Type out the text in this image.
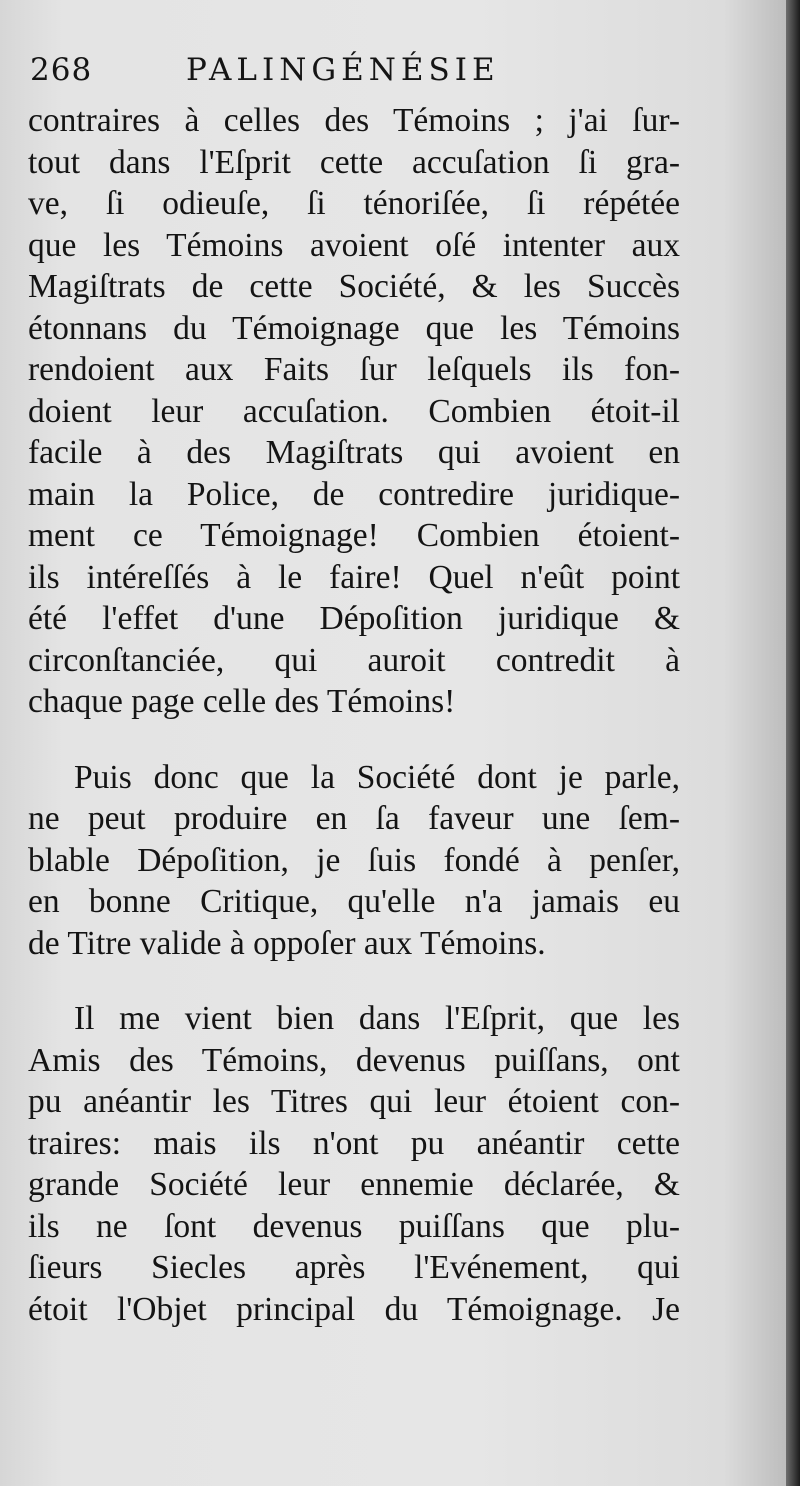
268	PALINGÉNÉSIE

contraires à celles des Témoins ; j'ai ſur-
tout dans l'Eſprit cette accuſation ſi gra-
ve, ſi odieuſe, ſi ténoriſée, ſi répétée
que les Témoins avoient oſé intenter aux
Magiſtrats de cette Société, & les Succès
étonnans du Témoignage que les Témoins
rendoient aux Faits ſur leſquels ils fon-
doient leur accuſation. Combien étoit-il
facile à des Magiſtrats qui avoient en
main la Police, de contredire juridique-
ment ce Témoignage! Combien étoient-
ils intéreſſés à le faire! Quel n'eût point
été l'effet d'une Dépoſition juridique &
circonſtanciée, qui auroit contredit à
chaque page celle des Témoins!

Puis donc que la Société dont je parle,
ne peut produire en ſa faveur une ſem-
blable Dépoſition, je ſuis fondé à penſer,
en bonne Critique, qu'elle n'a jamais eu
de Titre valide à oppoſer aux Témoins.

Il me vient bien dans l'Eſprit, que les
Amis des Témoins, devenus puiſſans, ont
pu anéantir les Titres qui leur étoient con-
traires: mais ils n'ont pu anéantir cette
grande Société leur ennemie déclarée, &
ils ne ſont devenus puiſſans que plu-
ſieurs Siecles après l'Evénement, qui
étoit l'Objet principal du Témoignage. Je
